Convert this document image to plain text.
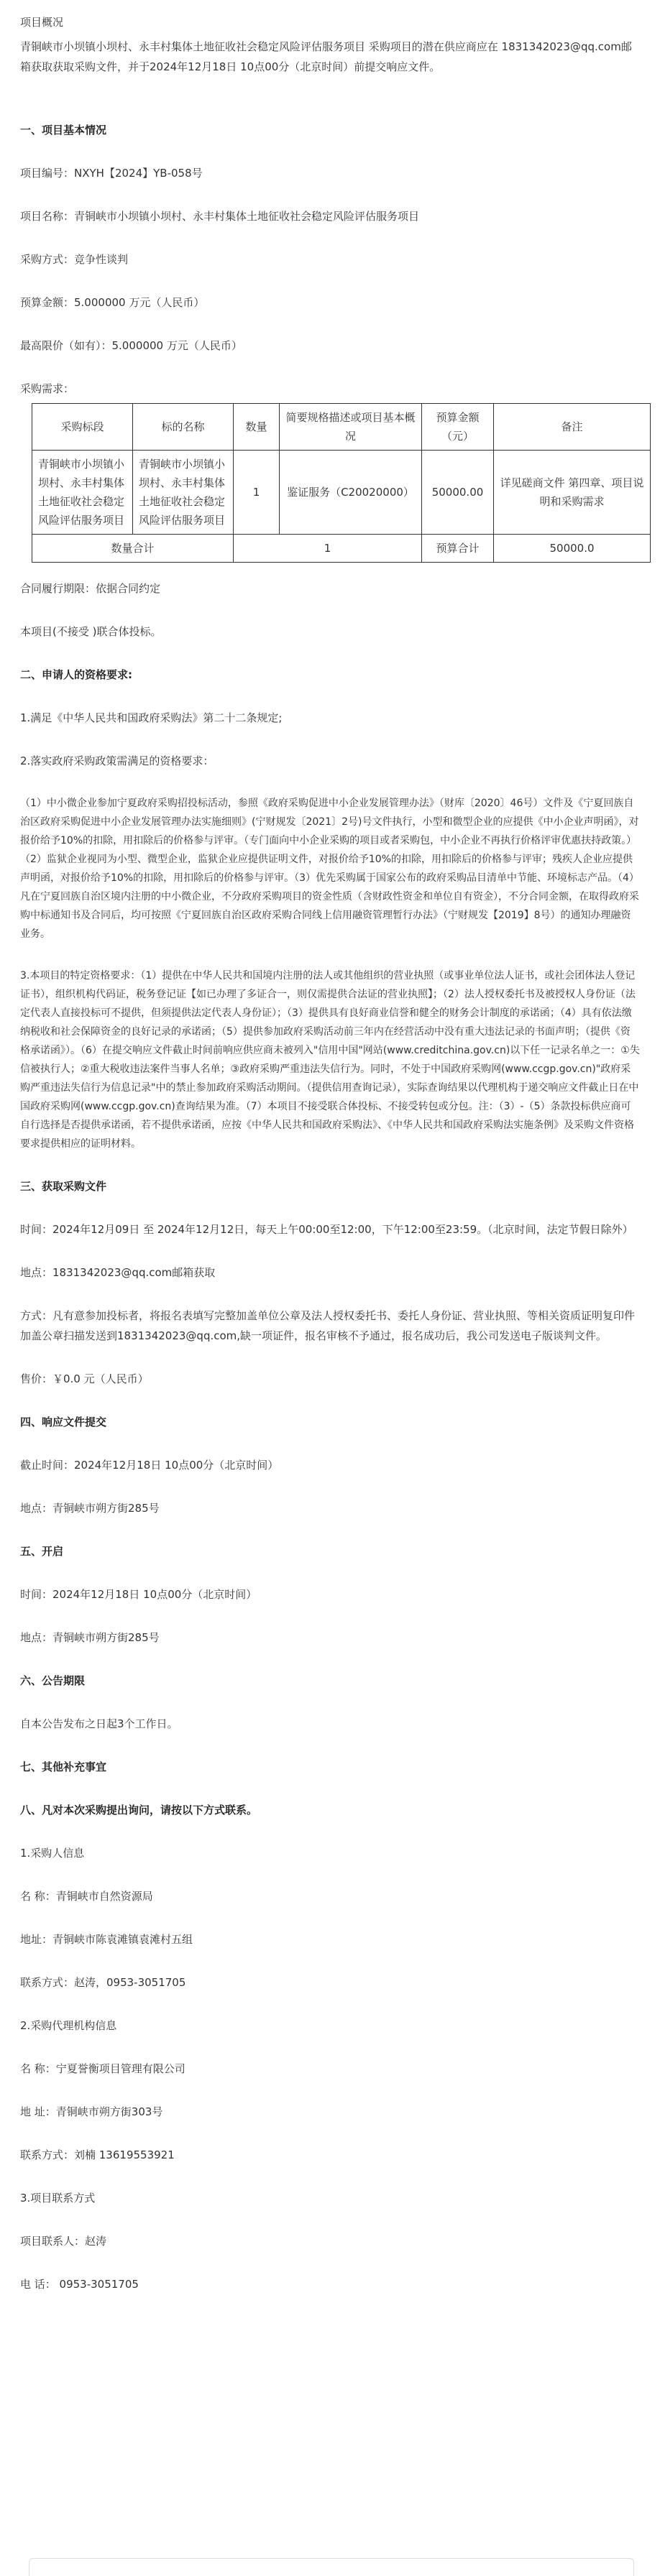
项目概况

青铜峡市小坝镇小坝村、永丰村集体土地征收社会稳定风险评估服务项目 采购项目的潜在供应商应在 1831342023@qq.com邮箱获取获取采购文件，并于2024年12月18日 10点00分（北京时间）前提交响应文件。

一、项目基本情况

项目编号：NXYH【2024】YB-058号

项目名称：青铜峡市小坝镇小坝村、永丰村集体土地征收社会稳定风险评估服务项目

采购方式：竞争性谈判

预算金额：5.000000 万元（人民币）

最高限价（如有）：5.000000 万元（人民币）

采购需求：

采购标段	标的名称	数量	简要规格描述或项目基本概况	预算金额（元）	备注
青铜峡市小坝镇小坝村、永丰村集体土地征收社会稳定风险评估服务项目	青铜峡市小坝镇小坝村、永丰村集体土地征收社会稳定风险评估服务项目	1	鉴证服务（C20020000）	50000.00	详见磋商文件 第四章、项目说明和采购需求
数量合计		1		预算合计	50000.0

合同履行期限：依据合同约定

本项目(不接受 )联合体投标。

二、申请人的资格要求:

1.满足《中华人民共和国政府采购法》第二十二条规定;

2.落实政府采购政策需满足的资格要求：

（1）中小微企业参加宁夏政府采购招投标活动，参照《政府采购促进中小企业发展管理办法》（财库〔2020〕46号）文件及《宁夏回族自治区政府采购促进中小企业发展管理办法实施细则》(宁财规发〔2021〕2号)号文件执行，小型和微型企业的应提供《中小企业声明函》，对报价给予10%的扣除，用扣除后的价格参与评审。（专门面向中小企业采购的项目或者采购包，中小企业不再执行价格评审优惠扶持政策。）（2）监狱企业视同为小型、微型企业，监狱企业应提供证明文件，对报价给予10%的扣除，用扣除后的价格参与评审；残疾人企业应提供声明函，对报价给予10%的扣除，用扣除后的价格参与评审。（3）优先采购属于国家公布的政府采购品目清单中节能、环境标志产品。（4）凡在宁夏回族自治区境内注册的中小微企业，不分政府采购项目的资金性质（含财政性资金和单位自有资金），不分合同金额，在取得政府采购中标通知书及合同后，均可按照《宁夏回族自治区政府采购合同线上信用融资管理暂行办法》（宁财规发【2019】8号）的通知办理融资业务。

3.本项目的特定资格要求：（1）提供在中华人民共和国境内注册的法人或其他组织的营业执照（或事业单位法人证书，或社会团体法人登记证书），组织机构代码证，税务登记证【如已办理了多证合一，则仅需提供合法证的营业执照】；（2）法人授权委托书及被授权人身份证（法定代表人直接投标可不提供，但须提供法定代表人身份证）；（3）提供具有良好商业信誉和健全的财务会计制度的承诺函；（4）具有依法缴纳税收和社会保障资金的良好记录的承诺函；（5）提供参加政府采购活动前三年内在经营活动中没有重大违法记录的书面声明；（提供《资格承诺函》）。（6）在提交响应文件截止时间前响应供应商未被列入"信用中国"网站(www.creditchina.gov.cn)以下任一记录名单之一：①失信被执行人；②重大税收违法案件当事人名单；③政府采购严重违法失信行为。同时，不处于中国政府采购网(www.ccgp.gov.cn)"政府采购严重违法失信行为信息记录"中的禁止参加政府采购活动期间。（提供信用查询记录），实际查询结果以代理机构于递交响应文件截止日在中国政府采购网(www.ccgp.gov.cn)查询结果为准。（7）本项目不接受联合体投标、不接受转包或分包。注：（3）-（5）条款投标供应商可自行选择是否提供承诺函，若不提供承诺函，应按《中华人民共和国政府采购法》、《中华人民共和国政府采购法实施条例》及采购文件资格要求提供相应的证明材料。

三、获取采购文件

时间：2024年12月09日 至 2024年12月12日，每天上午00:00至12:00，下午12:00至23:59。（北京时间，法定节假日除外）

地点：1831342023@qq.com邮箱获取

方式：凡有意参加投标者，将报名表填写完整加盖单位公章及法人授权委托书、委托人身份证、营业执照、等相关资质证明复印件加盖公章扫描发送到1831342023@qq.com,缺一项证件，报名审核不予通过，报名成功后，我公司发送电子版谈判文件。

售价：￥0.0 元（人民币）

四、响应文件提交

截止时间：2024年12月18日 10点00分（北京时间）

地点：青铜峡市朔方街285号

五、开启

时间：2024年12月18日 10点00分（北京时间）

地点：青铜峡市朔方街285号

六、公告期限

自本公告发布之日起3个工作日。

七、其他补充事宜

八、凡对本次采购提出询问，请按以下方式联系。

1.采购人信息

名 称：青铜峡市自然资源局

地址：青铜峡市陈袁滩镇袁滩村五组

联系方式：赵涛，0953-3051705

2.采购代理机构信息

名 称：宁夏誉衡项目管理有限公司

地 址：青铜峡市朔方街303号

联系方式：刘楠 13619553921

3.项目联系方式

项目联系人：赵涛

电 话： 0953-3051705
